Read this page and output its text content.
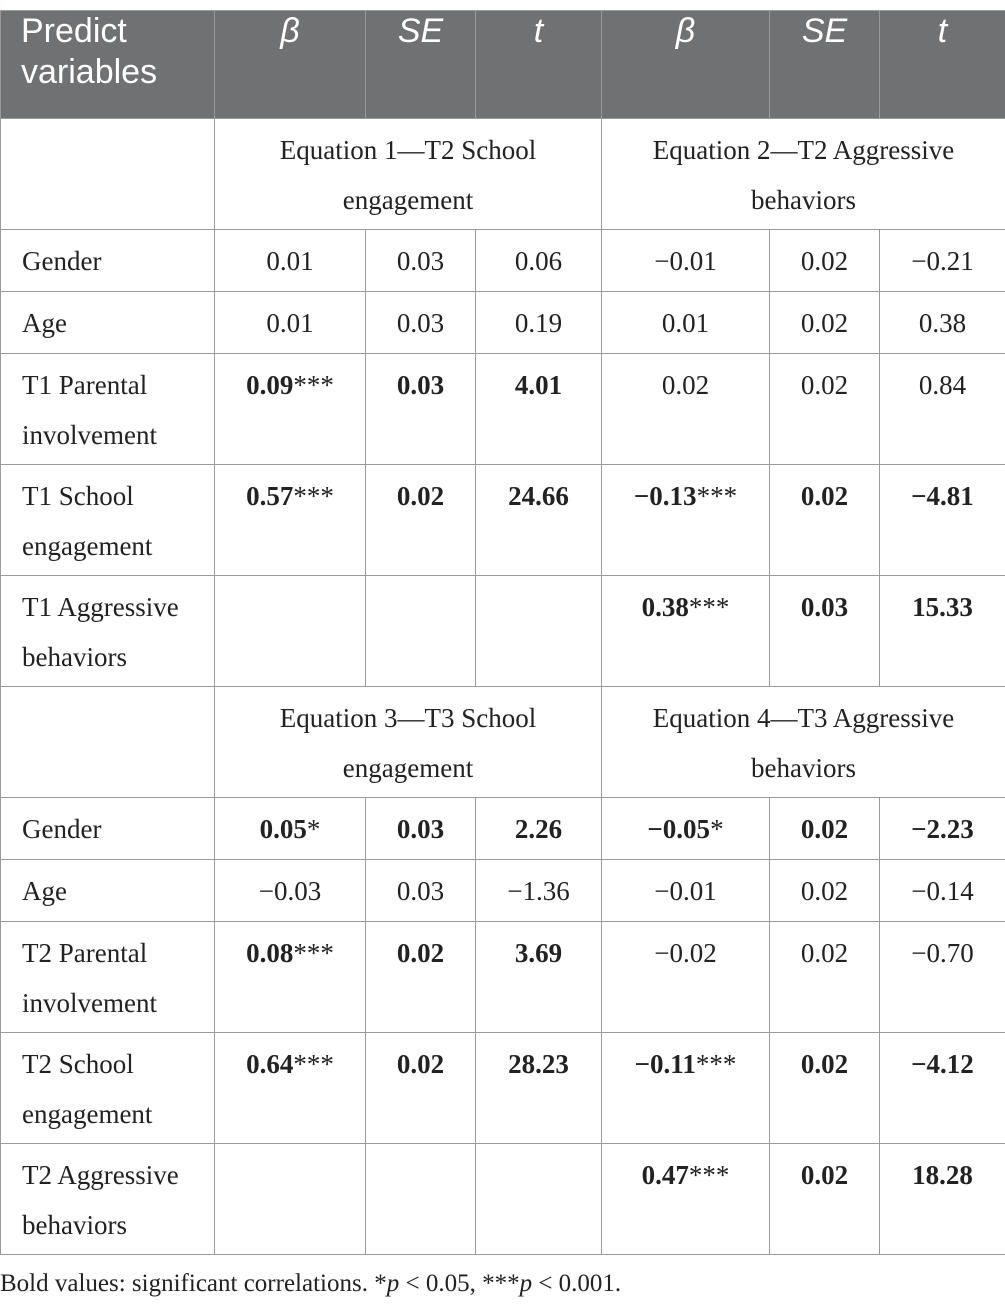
Predict variables	β	SE	t	β	SE	t
	Equation 1—T2 School engagement			Equation 2—T2 Aggressive behaviors		
Gender	0.01	0.03	0.06	−0.01	0.02	−0.21
Age	0.01	0.03	0.19	0.01	0.02	0.38
T1 Parental involvement	0.09***	0.03	4.01	0.02	0.02	0.84
T1 School engagement	0.57***	0.02	24.66	−0.13***	0.02	−4.81
T1 Aggressive behaviors				0.38***	0.03	15.33
	Equation 3—T3 School engagement			Equation 4—T3 Aggressive behaviors		
Gender	0.05*	0.03	2.26	−0.05*	0.02	−2.23
Age	−0.03	0.03	−1.36	−0.01	0.02	−0.14
T2 Parental involvement	0.08***	0.02	3.69	−0.02	0.02	−0.70
T2 School engagement	0.64***	0.02	28.23	−0.11***	0.02	−4.12
T2 Aggressive behaviors				0.47***	0.02	18.28
Bold values: significant correlations. *p < 0.05, ***p < 0.001.
